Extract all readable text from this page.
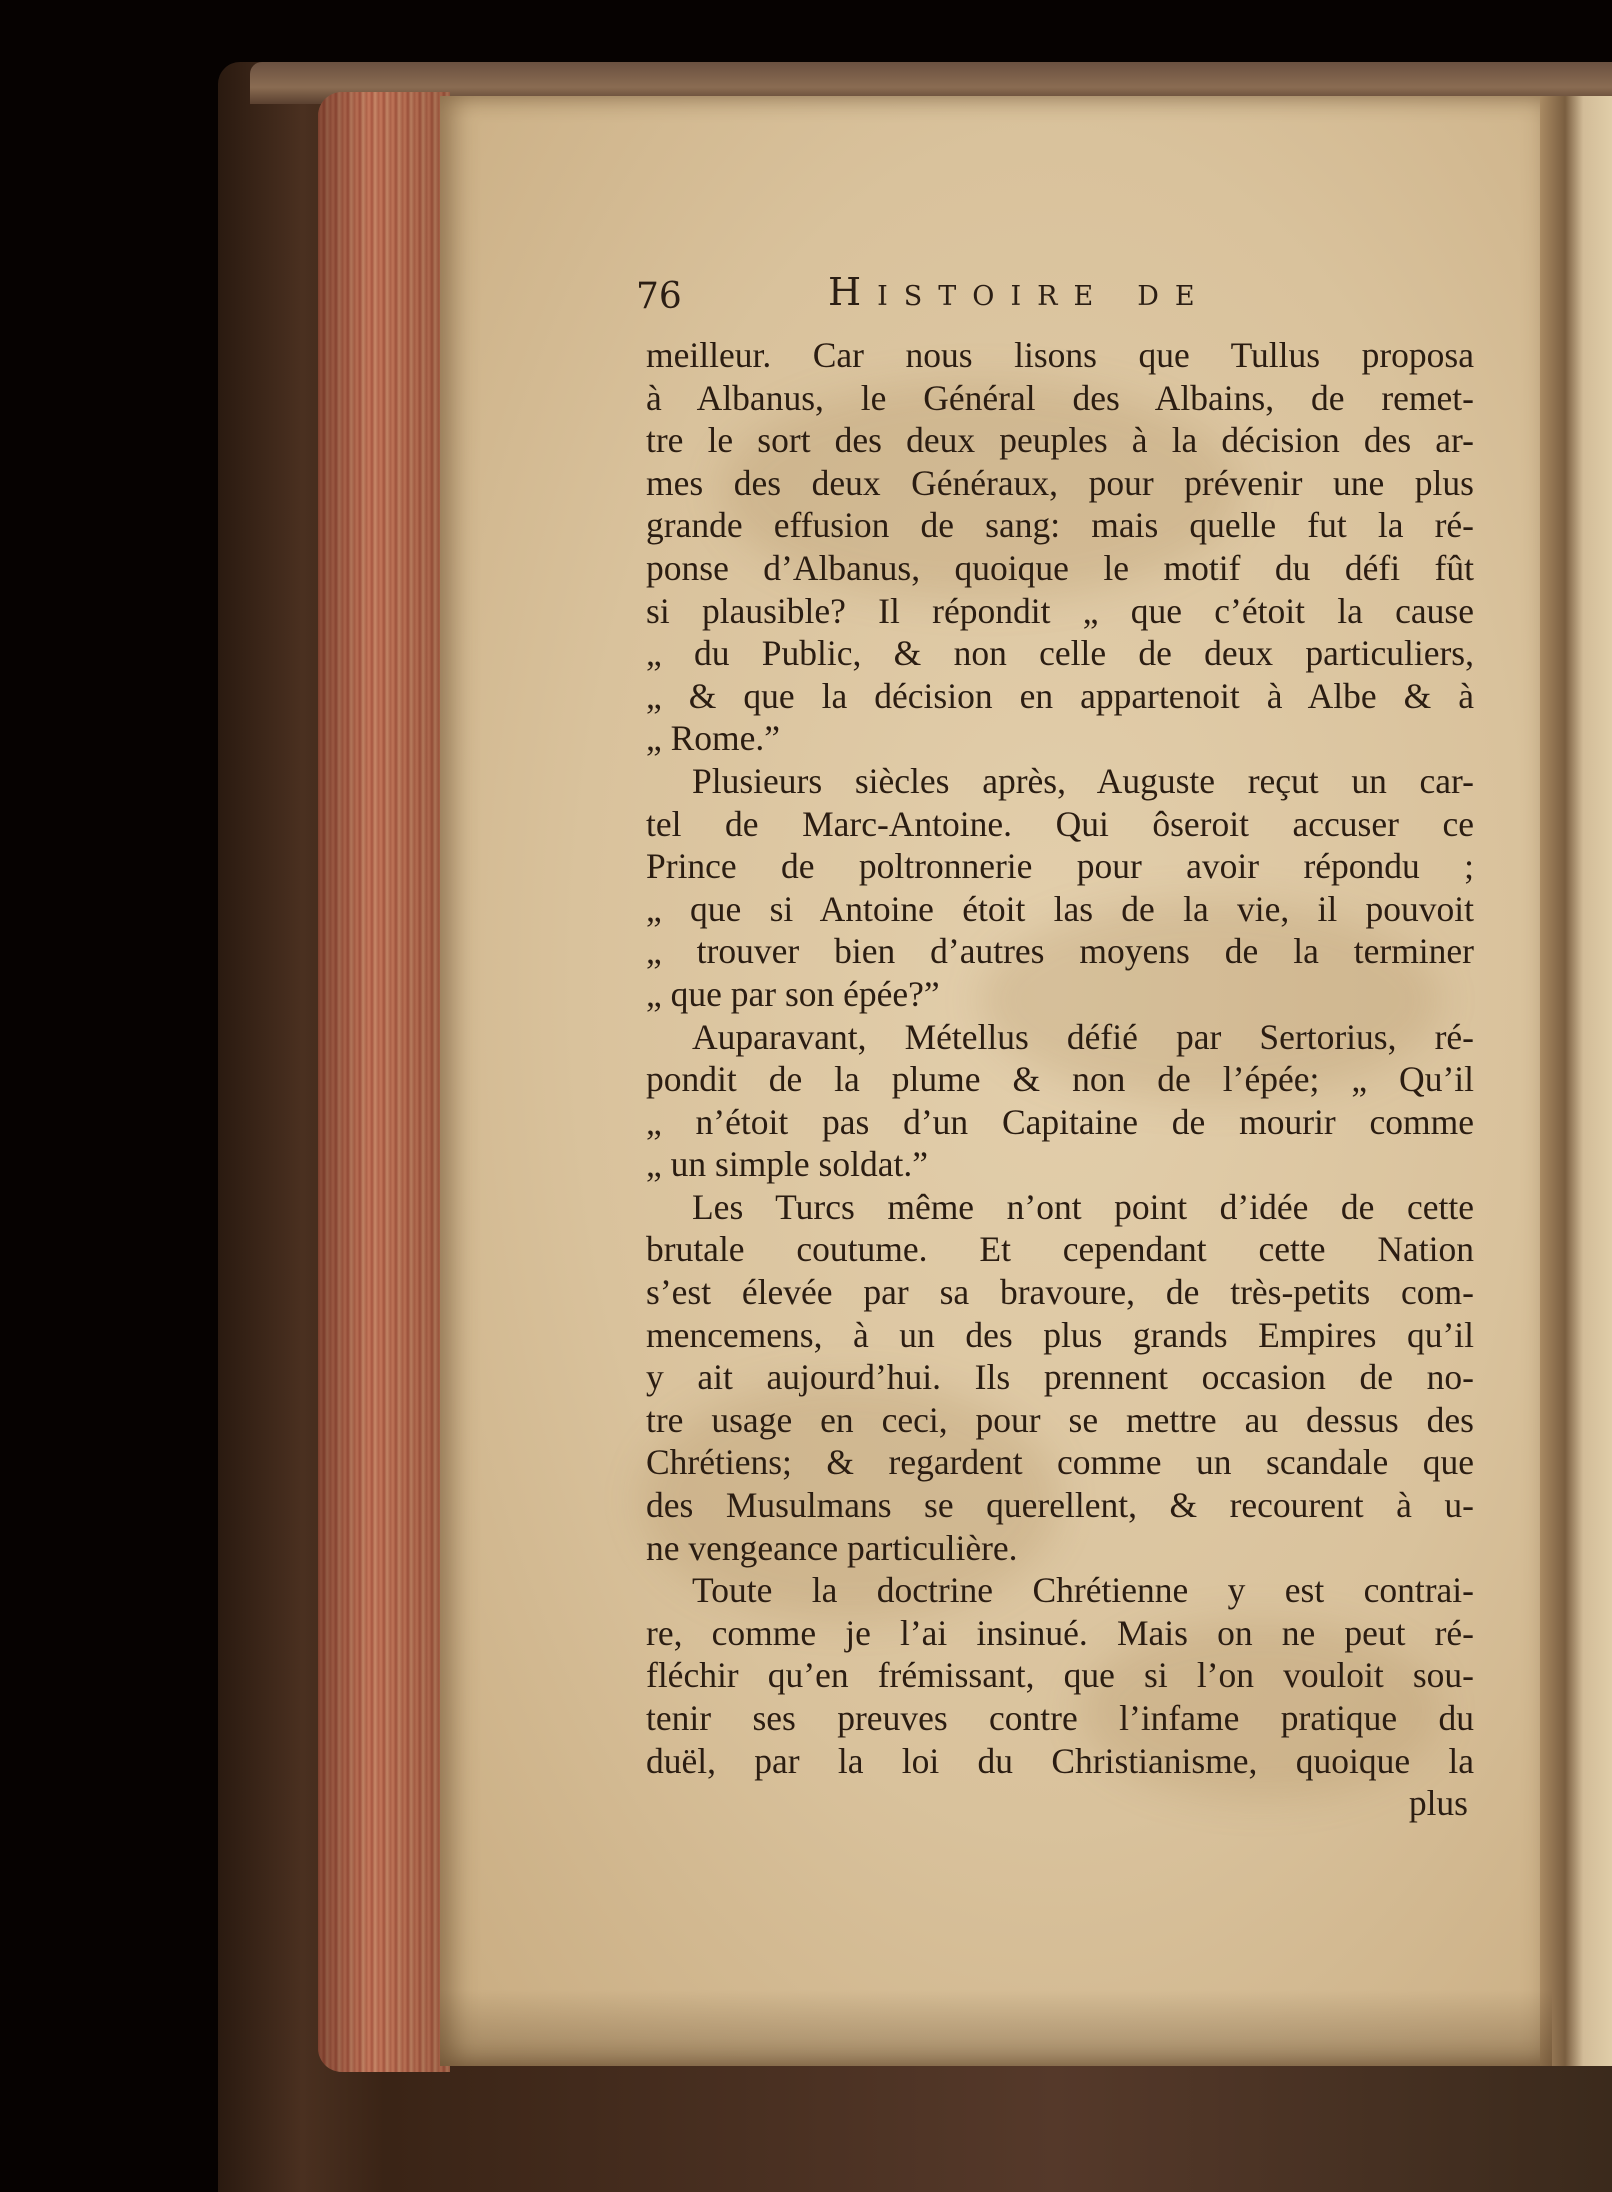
76	Histoire de
meilleur. Car nous lisons que Tullus proposa
à Albanus, le Général des Albains, de remet-
tre le sort des deux peuples à la décision des ar-
mes des deux Généraux, pour prévenir une plus
grande effusion de sang: mais quelle fut la ré-
ponse d’Albanus, quoique le motif du défi fût
si plausible? Il répondit „ que c’étoit la cause
„ du Public, & non celle de deux particuliers,
„ & que la décision en appartenoit à Albe & à
„ Rome.”
Plusieurs siècles après, Auguste reçut un car-
tel de Marc-Antoine. Qui ôseroit accuser ce
Prince de poltronnerie pour avoir répondu ;
„ que si Antoine étoit las de la vie, il pouvoit
„ trouver bien d’autres moyens de la terminer
„ que par son épée?”
Auparavant, Métellus défié par Sertorius, ré-
pondit de la plume & non de l’épée; „ Qu’il
„ n’étoit pas d’un Capitaine de mourir comme
„ un simple soldat.”
Les Turcs même n’ont point d’idée de cette
brutale coutume. Et cependant cette Nation
s’est élevée par sa bravoure, de très-petits com-
mencemens, à un des plus grands Empires qu’il
y ait aujourd’hui. Ils prennent occasion de no-
tre usage en ceci, pour se mettre au dessus des
Chrétiens; & regardent comme un scandale que
des Musulmans se querellent, & recourent à u-
ne vengeance particulière.
Toute la doctrine Chrétienne y est contrai-
re, comme je l’ai insinué. Mais on ne peut ré-
fléchir qu’en frémissant, que si l’on vouloit sou-
tenir ses preuves contre l’infame pratique du
duël, par la loi du Christianisme, quoique la
plus
